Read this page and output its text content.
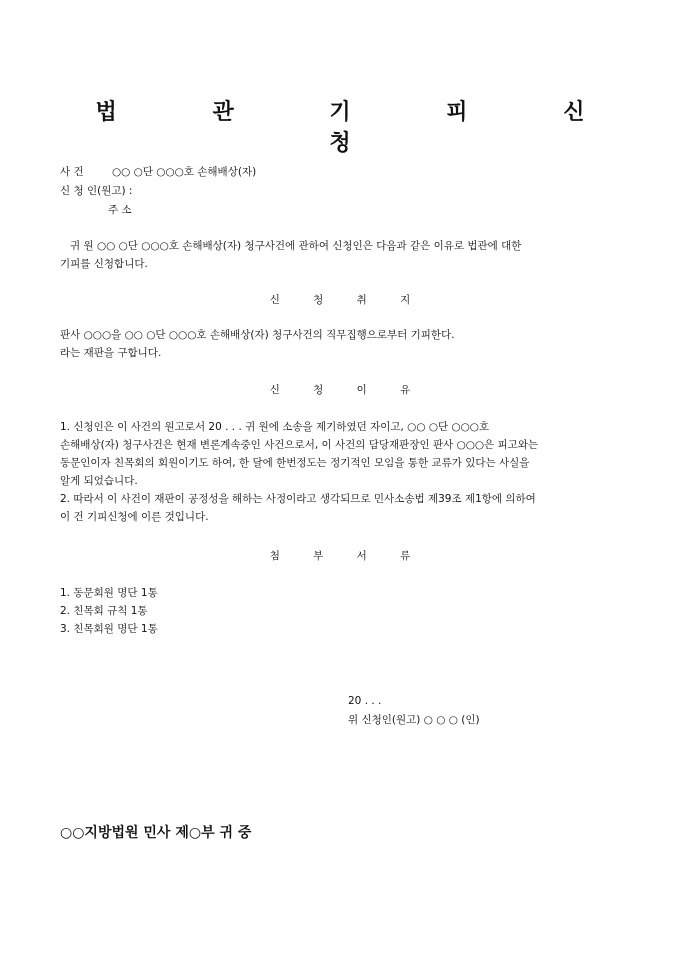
법 관 기 피 신 청
사 건	○○ ○단 ○○○호 손해배상(자)
신 청 인(원고) :
주 소
귀 원 ○○ ○단 ○○○호 손해배상(자) 청구사건에 관하여 신청인은 다음과 같은 이유로 법관에 대한
기피를 신청합니다.
신 청 취 지
판사 ○○○을 ○○ ○단 ○○○호 손해배상(자) 청구사건의 직무집행으로부터 기피한다.
라는 재판을 구합니다.
신 청 이 유
1. 신청인은 이 사건의 원고로서 20 . . . 귀 원에 소송을 제기하였던 자이고, ○○ ○단 ○○○호
손해배상(자) 청구사건은 현재 변론계속중인 사건으로서, 이 사건의 담당재판장인 판사 ○○○은 피고와는
동문인이자 친목회의 회원이기도 하여, 한 달에 한번정도는 정기적인 모임을 통한 교류가 있다는 사실을
알게 되었습니다.
2. 따라서 이 사건이 재판이 공정성을 해하는 사정이라고 생각되므로 민사소송법 제39조 제1항에 의하여
이 건 기피신청에 이른 것입니다.
첨 부 서 류
1. 동문회원 명단 1통
2. 친목회 규칙 1통
3. 친목회원 명단 1통
20 . . .
위 신청인(원고) ○ ○ ○ (인)
○○지방법원 민사 제○부 귀 중
